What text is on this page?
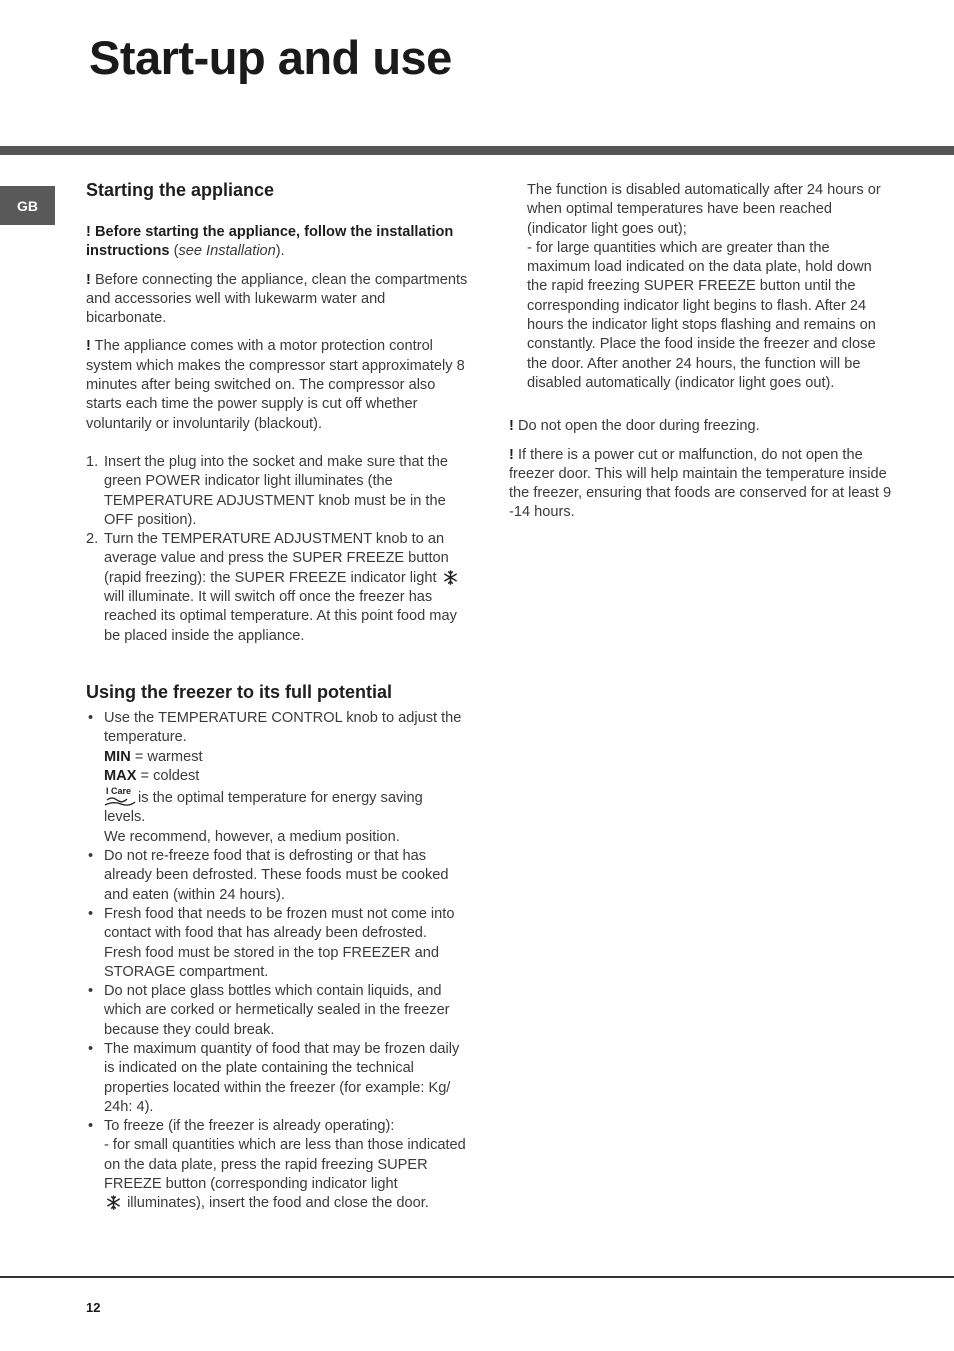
Start-up and use
GB
Starting the appliance

! Before starting the appliance, follow the installation instructions (see Installation).

! Before connecting the appliance, clean the compartments and accessories well with lukewarm water and bicarbonate.

! The appliance comes with a motor protection control system which makes the compressor start approximately 8 minutes after being switched on. The compressor also starts each time the power supply is cut off whether voluntarily or involuntarily (blackout).

1. Insert the plug into the socket and make sure that the green POWER indicator light illuminates (the TEMPERATURE ADJUSTMENT knob must be in the OFF position).
2. Turn the TEMPERATURE ADJUSTMENT knob to an average value and press the SUPER FREEZE button (rapid freezing): the SUPER FREEZE indicator light  will illuminate. It will switch off once the freezer has reached its optimal temperature. At this point food may be placed inside the appliance.
Using the freezer to its full potential
• Use the TEMPERATURE CONTROL knob to adjust the temperature.
MIN = warmest
MAX = coldest

I Care is the optimal temperature for energy saving levels.
We recommend, however, a medium position.
• Do not re-freeze food that is defrosting or that has already been defrosted. These foods must be cooked and eaten (within 24 hours).
• Fresh food that needs to be frozen must not come into contact with food that has already been defrosted. Fresh food must be stored in the top FREEZER and STORAGE compartment.
• Do not place glass bottles which contain liquids, and which are corked or hermetically sealed in the freezer because they could break.
• The maximum quantity of food that may be frozen daily is indicated on the plate containing the technical properties located within the freezer (for example: Kg/ 24h: 4).
• To freeze (if the freezer is already operating):
- for small quantities which are less than those indicated on the data plate, press the rapid freezing SUPER FREEZE button (corresponding indicator light
illuminates), insert the food and close the door.

The function is disabled automatically after 24 hours or when optimal temperatures have been reached (indicator light goes out);

- for large quantities which are greater than the maximum load indicated on the data plate, hold down the rapid freezing SUPER FREEZE button until the corresponding indicator light begins to flash. After 24 hours the indicator light stops flashing and remains on constantly. Place the food inside the freezer and close the door. After another 24 hours, the function will be disabled automatically (indicator light goes out).

! Do not open the door during freezing.

! If there is a power cut or malfunction, do not open the freezer door. This will help maintain the temperature inside the freezer, ensuring that foods are conserved for at least 9 -14 hours.

12
